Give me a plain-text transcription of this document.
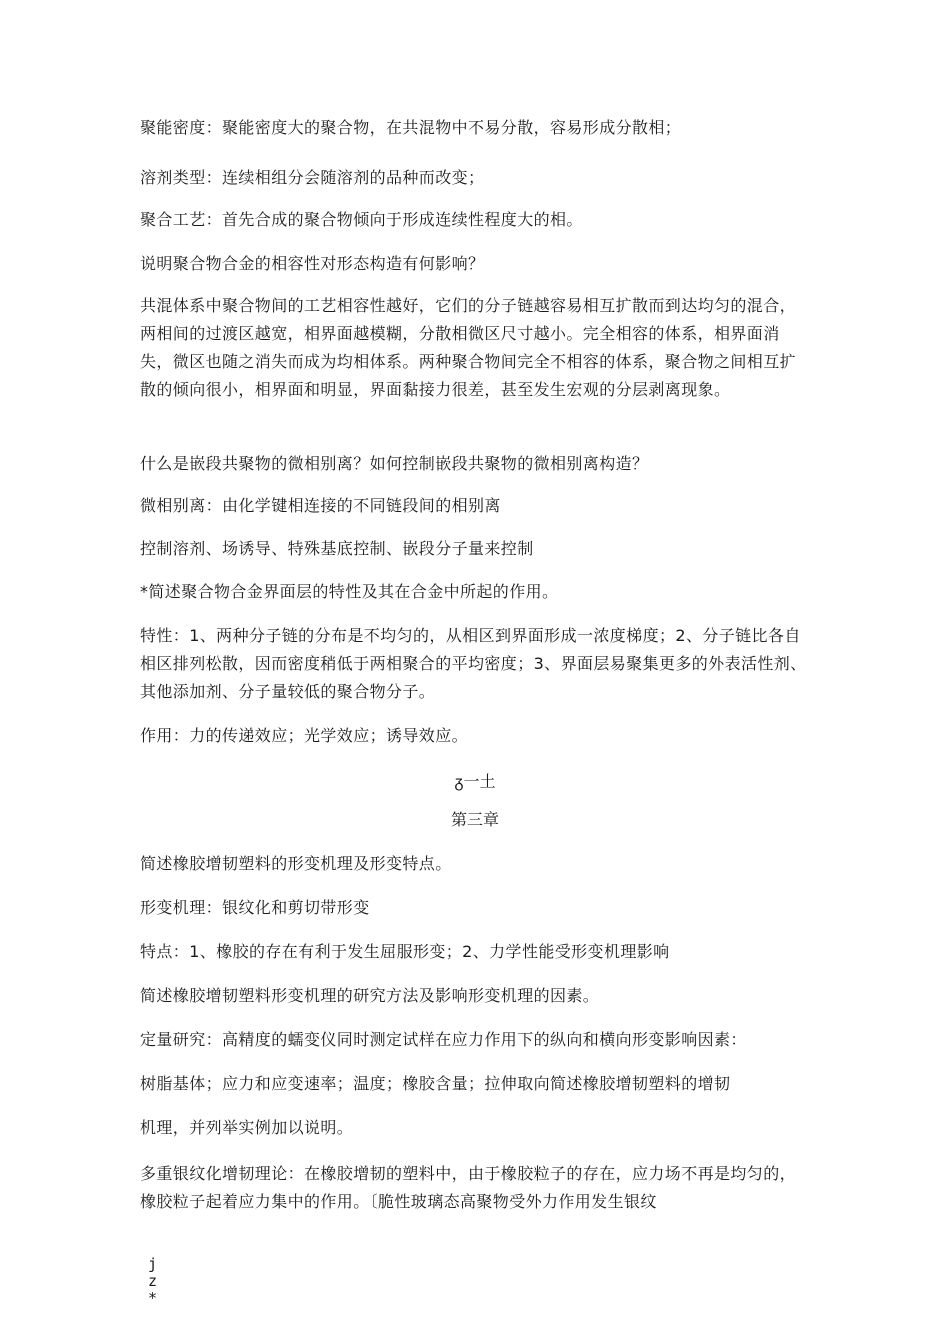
聚能密度：聚能密度大的聚合物，在共混物中不易分散，容易形成分散相；

溶剂类型：连续相组分会随溶剂的品种而改变；

聚合工艺：首先合成的聚合物倾向于形成连续性程度大的相。

说明聚合物合金的相容性对形态构造有何影响？

共混体系中聚合物间的工艺相容性越好，它们的分子链越容易相互扩散而到达均匀的混合，两相间的过渡区越宽，相界面越模糊，分散相微区尺寸越小。完全相容的体系，相界面消失，微区也随之消失而成为均相体系。两种聚合物间完全不相容的体系，聚合物之间相互扩散的倾向很小，相界面和明显，界面黏接力很差，甚至发生宏观的分层剥离现象。

什么是嵌段共聚物的微相别离？如何控制嵌段共聚物的微相别离构造？

微相别离：由化学键相连接的不同链段间的相别离

控制溶剂、场诱导、特殊基底控制、嵌段分子量来控制

*简述聚合物合金界面层的特性及其在合金中所起的作用。

特性：1、两种分子链的分布是不均匀的，从相区到界面形成一浓度梯度；2、分子链比各自相区排列松散，因而密度稍低于两相聚合的平均密度；3、界面层易聚集更多的外表活性剂、其他添加剂、分子量较低的聚合物分子。

作用：力的传递效应；光学效应；诱导效应。

ᵹ一土

第三章

简述橡胶增韧塑料的形变机理及形变特点。

形变机理：银纹化和剪切带形变

特点：1、橡胶的存在有利于发生屈服形变；2、力学性能受形变机理影响

简述橡胶增韧塑料形变机理的研究方法及影响形变机理的因素。

定量研究：高精度的蠕变仪同时测定试样在应力作用下的纵向和横向形变影响因素：

树脂基体；应力和应变速率；温度；橡胶含量；拉伸取向简述橡胶增韧塑料的增韧

机理，并列举实例加以说明。

多重银纹化增韧理论：在橡胶增韧的塑料中，由于橡胶粒子的存在，应力场不再是均匀的，橡胶粒子起着应力集中的作用。〔脆性玻璃态高聚物受外力作用发生银纹

j
z
*
